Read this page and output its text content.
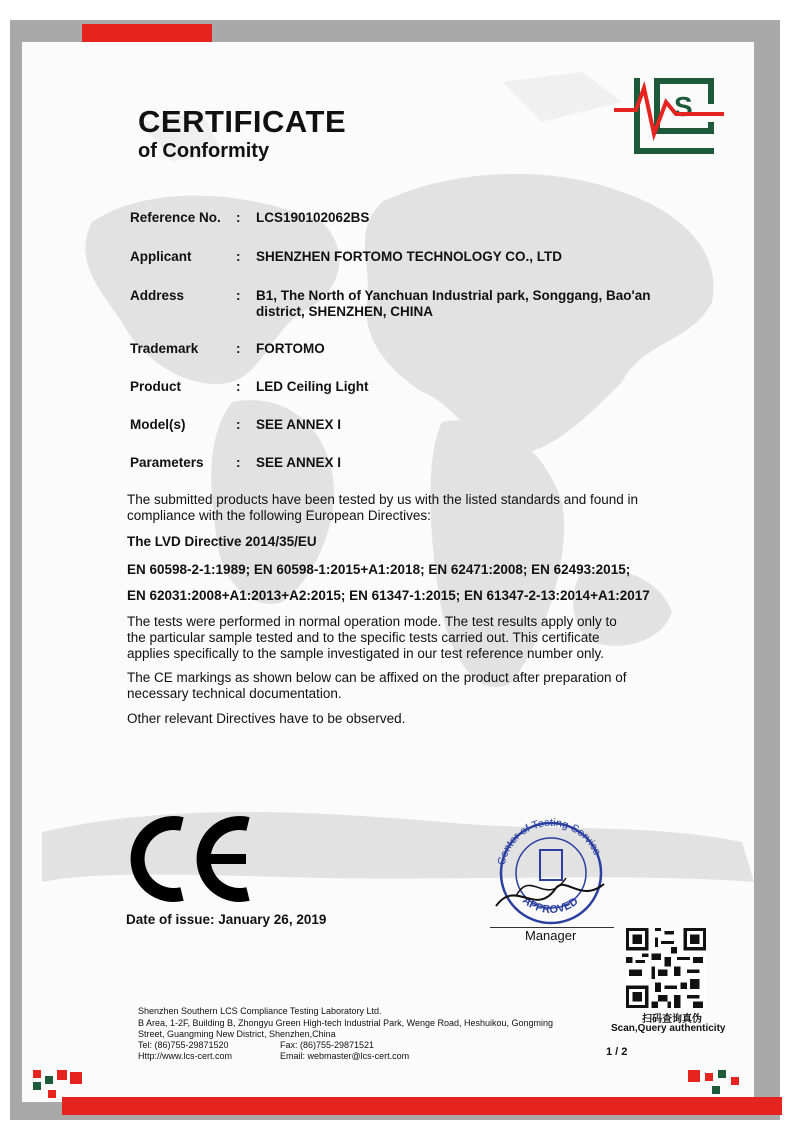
CERTIFICATE
of Conformity
S
Reference No.	: LCS190102062BS
Applicant	: SHENZHEN FORTOMO TECHNOLOGY CO., LTD
Address	: B1, The North of Yanchuan Industrial park, Songgang, Bao'an district, SHENZHEN, CHINA
Trademark	: FORTOMO
Product	: LED Ceiling Light
Model(s)	: SEE ANNEX I
Parameters	: SEE ANNEX I
The submitted products have been tested by us with the listed standards and found in compliance with the following European Directives:
The LVD Directive 2014/35/EU
EN 60598-2-1:1989; EN 60598-1:2015+A1:2018; EN 62471:2008; EN 62493:2015;
EN 62031:2008+A1:2013+A2:2015; EN 61347-1:2015; EN 61347-2-13:2014+A1:2017
The tests were performed in normal operation mode. The test results apply only to the particular sample tested and to the specific tests carried out. This certificate applies specifically to the sample investigated in our test reference number only.
The CE markings as shown below can be affixed on the product after preparation of necessary technical documentation.
Other relevant Directives have to be observed.
Date of issue: January 26, 2019
Center of Testing Service
APPROVED
Manager
扫码查询真伪
Scan,Query authenticity
Shenzhen Southern LCS Compliance Testing Laboratory Ltd.
B Area, 1-2F, Building B, Zhongyu Green High-tech Industrial Park, Wenge Road, Heshuikou, Gongming
Street, Guangming New District, Shenzhen,China
Tel: (86)755-29871520	Fax: (86)755-29871521
Http://www.lcs-cert.com	Email: webmaster@lcs-cert.com	1 / 2
